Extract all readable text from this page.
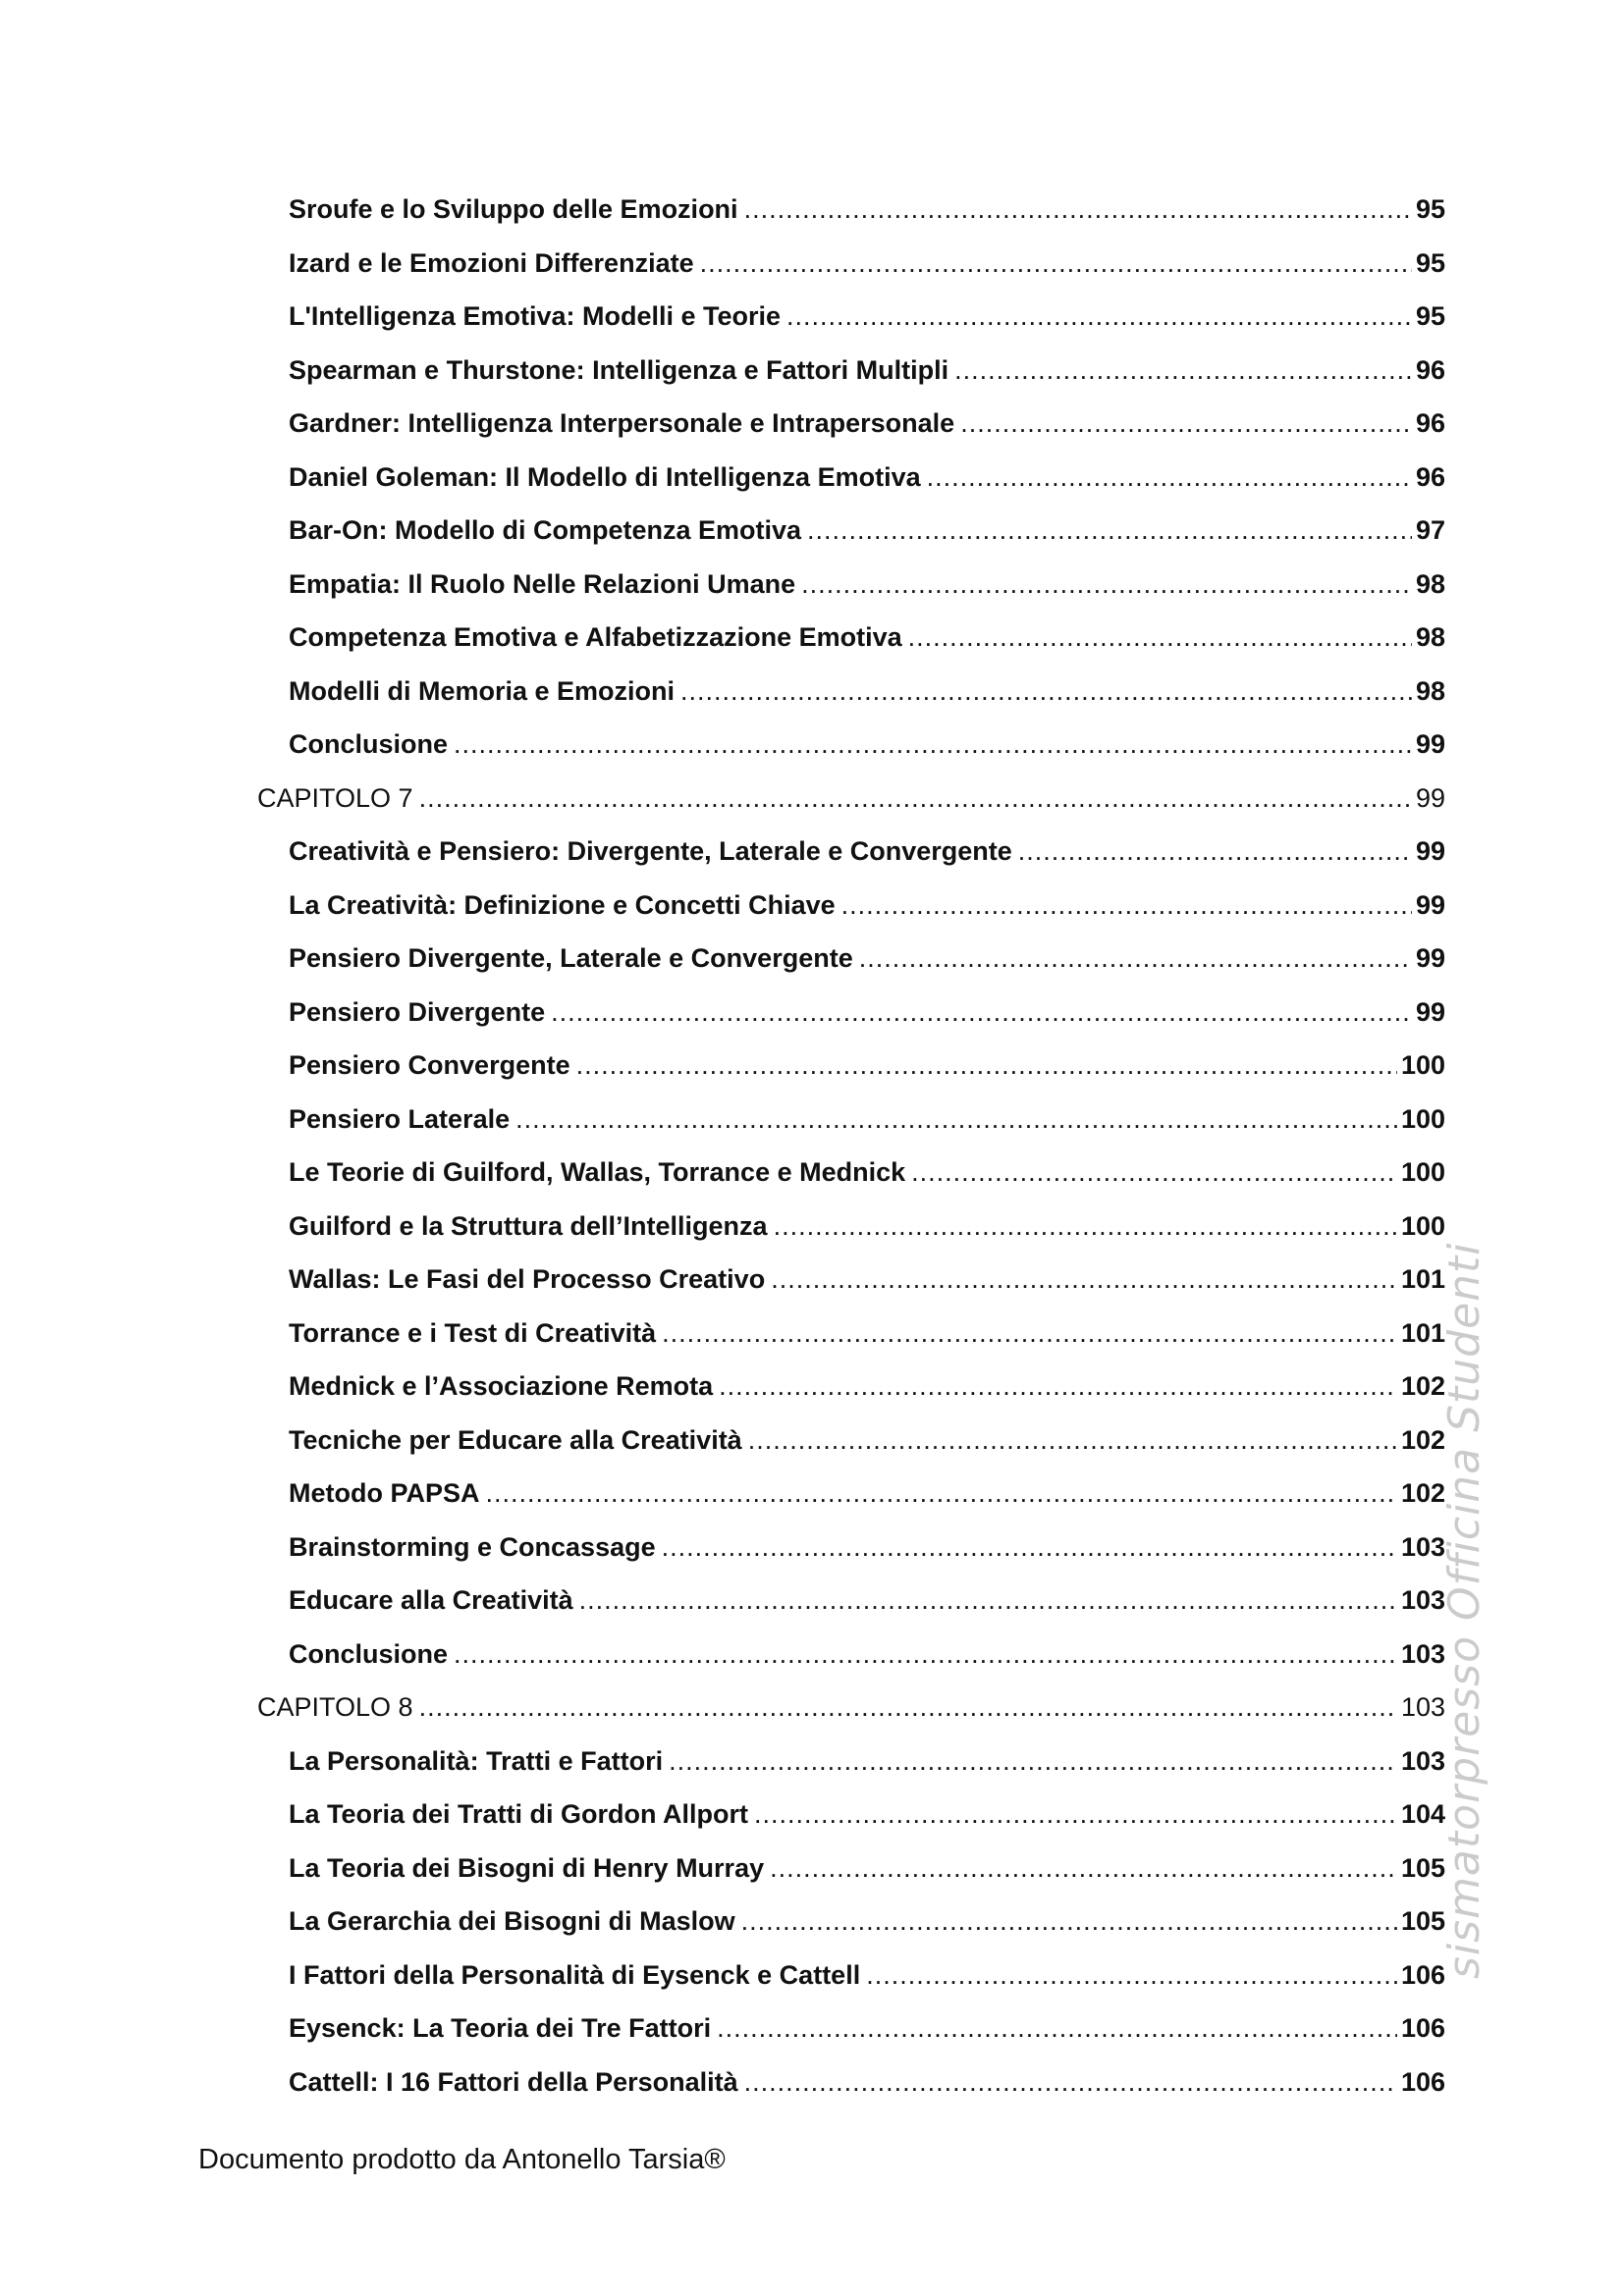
Sroufe e lo Sviluppo delle Emozioni .....	95
Izard e le Emozioni Differenziate .....	95
L'Intelligenza Emotiva: Modelli e Teorie .....	95
Spearman e Thurstone: Intelligenza e Fattori Multipli .....	96
Gardner: Intelligenza Interpersonale e Intrapersonale .....	96
Daniel Goleman: Il Modello di Intelligenza Emotiva .....	96
Bar-On: Modello di Competenza Emotiva .....	97
Empatia: Il Ruolo Nelle Relazioni Umane .....	98
Competenza Emotiva e Alfabetizzazione Emotiva .....	98
Modelli di Memoria e Emozioni .....	98
Conclusione .....	99
CAPITOLO 7 .....	99
Creatività e Pensiero: Divergente, Laterale e Convergente .....	99
La Creatività: Definizione e Concetti Chiave .....	99
Pensiero Divergente, Laterale e Convergente .....	99
Pensiero Divergente .....	99
Pensiero Convergente .....	100
Pensiero Laterale .....	100
Le Teorie di Guilford, Wallas, Torrance e Mednick .....	100
Guilford e la Struttura dell’Intelligenza .....	100
Wallas: Le Fasi del Processo Creativo .....	101
Torrance e i Test di Creatività .....	101
Mednick e l’Associazione Remota .....	102
Tecniche per Educare alla Creatività .....	102
Metodo PAPSA .....	102
Brainstorming e Concassage .....	103
Educare alla Creatività .....	103
Conclusione .....	103
CAPITOLO 8 .....	103
La Personalità: Tratti e Fattori .....	103
La Teoria dei Tratti di Gordon Allport .....	104
La Teoria dei Bisogni di Henry Murray .....	105
La Gerarchia dei Bisogni di Maslow .....	105
I Fattori della Personalità di Eysenck e Cattell .....	106
Eysenck: La Teoria dei Tre Fattori .....	106
Cattell: I 16 Fattori della Personalità .....	106
sismatorpresso Officina Studenti
Documento prodotto da Antonello Tarsia®
